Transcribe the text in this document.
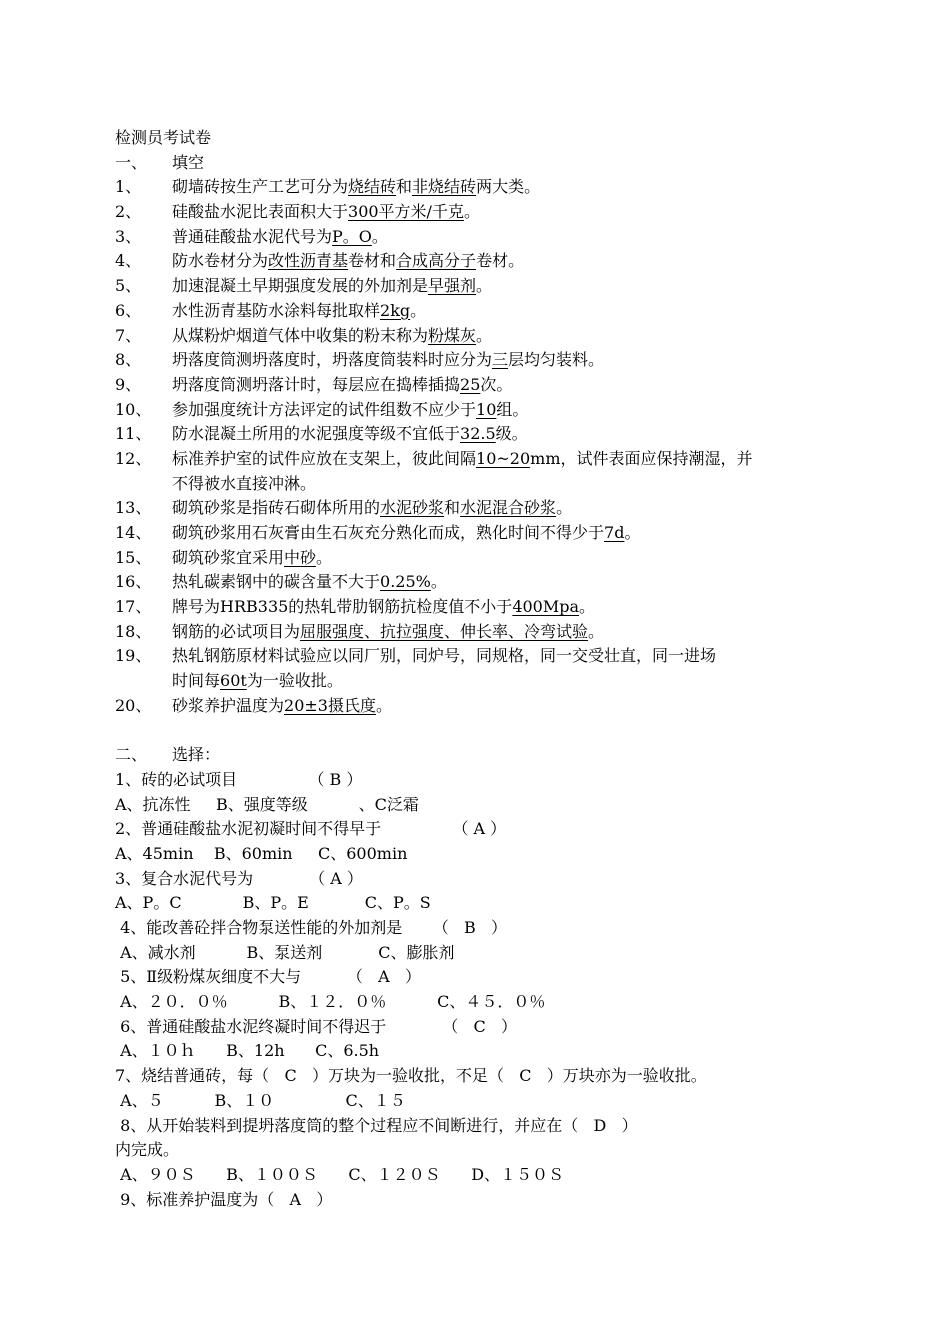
检测员考试卷
一、 填空
1、 砌墙砖按生产工艺可分为烧结砖和非烧结砖两大类。
2、 硅酸盐水泥比表面积大于300平方米/千克。
3、 普通硅酸盐水泥代号为P。O。
4、 防水卷材分为改性沥青基卷材和合成高分子卷材。
5、 加速混凝土早期强度发展的外加剂是早强剂。
6、 水性沥青基防水涂料每批取样2kg。
7、 从煤粉炉烟道气体中收集的粉末称为粉煤灰。
8、 坍落度筒测坍落度时，坍落度筒装料时应分为三层均匀装料。
9、 坍落度筒测坍落计时，每层应在捣棒插捣25次。
10、 参加强度统计方法评定的试件组数不应少于10组。
11、 防水混凝土所用的水泥强度等级不宜低于32.5级。
12、 标准养护室的试件应放在支架上，彼此间隔10~20mm，试件表面应保持潮湿，并
不得被水直接冲淋。
13、 砌筑砂浆是指砖石砌体所用的水泥砂浆和水泥混合砂浆。
14、 砌筑砂浆用石灰膏由生石灰充分熟化而成，熟化时间不得少于7d。
15、 砌筑砂浆宜采用中砂。
16、 热轧碳素钢中的碳含量不大于0.25%。
17、 牌号为HRB335的热轧带肋钢筋抗检度值不小于400Mpa。
18、 钢筋的必试项目为屈服强度、抗拉强度、伸长率、冷弯试验。
19、 热轧钢筋原材料试验应以同厂别，同炉号，同规格，同一交受壮直，同一进场
时间每60t为一验收批。
20、 砂浆养护温度为20±3摄氏度。
二、 选择：
1、砖的必试项目              （ B ）
A、抗冻性     B、强度等级          、C泛霜
2、普通硅酸盐水泥初凝时间不得早于              （ A ）
A、45min    B、60min     C、600min
3、复合水泥代号为           （ A ）
A、P。C            B、P。E           C、P。S
4、能改善砼拌合物泵送性能的外加剂是      （   B   ）
A、减水剂          B、泵送剂           C、膨胀剂
5、Ⅱ级粉煤灰细度不大与         （   A   ）
A、２０．０％          B、１２．０％          C、４５．０％
6、普通硅酸盐水泥终凝时间不得迟于           （   C   ）
A、１０ｈ      B、12h      C、6.5h
7、烧结普通砖，每（   C   ）万块为一验收批，不足（   C   ）万块亦为一验收批。
A、５          B、１０              C、１５
8、从开始装料到提坍落度筒的整个过程应不间断进行，并应在（   D   ）
内完成。
A、９０Ｓ      B、１００Ｓ      C、１２０Ｓ      D、１５０Ｓ
9、标准养护温度为（   A   ）
